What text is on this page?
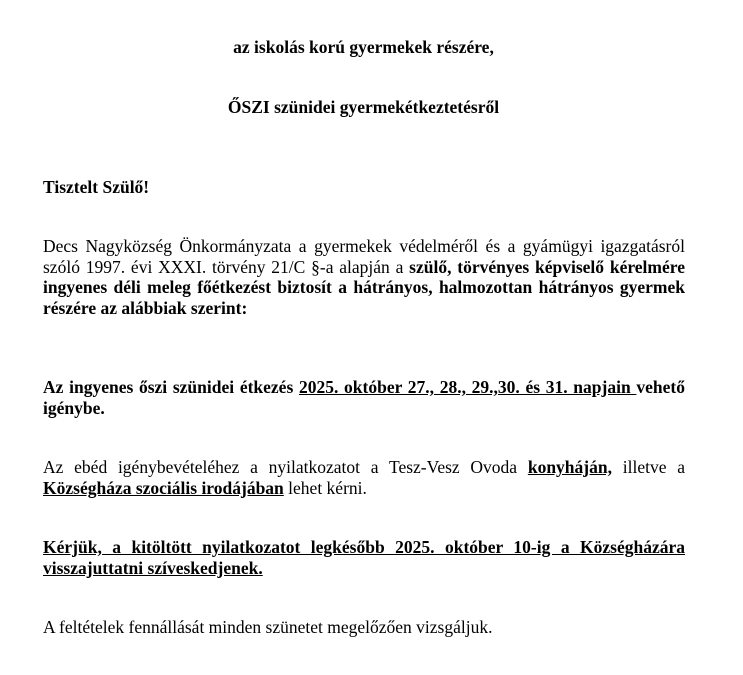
az iskolás korú gyermekek részére,
ŐSZI szünidei gyermekétkeztetésről
Tisztelt Szülő!
Decs Nagyközség Önkormányzata a gyermekek védelméről és a gyámügyi igazgatásról szóló 1997. évi XXXI. törvény 21/C §-a alapján a szülő, törvényes képviselő kérelmére ingyenes déli meleg főétkezést biztosít a hátrányos, halmozottan hátrányos gyermek részére az alábbiak szerint:
Az ingyenes őszi szünidei étkezés 2025. október 27., 28., 29.,30. és 31. napjain vehető igénybe.
Az ebéd igénybevételéhez a nyilatkozatot a Tesz-Vesz Ovoda konyháján, illetve a Községháza szociális irodájában lehet kérni.
Kérjük, a kitöltött nyilatkozatot legkésőbb 2025. október 10-ig a Községházára visszajuttatni szíveskedjenek.
A feltételek fennállását minden szünetet megelőzően vizsgáljuk.
